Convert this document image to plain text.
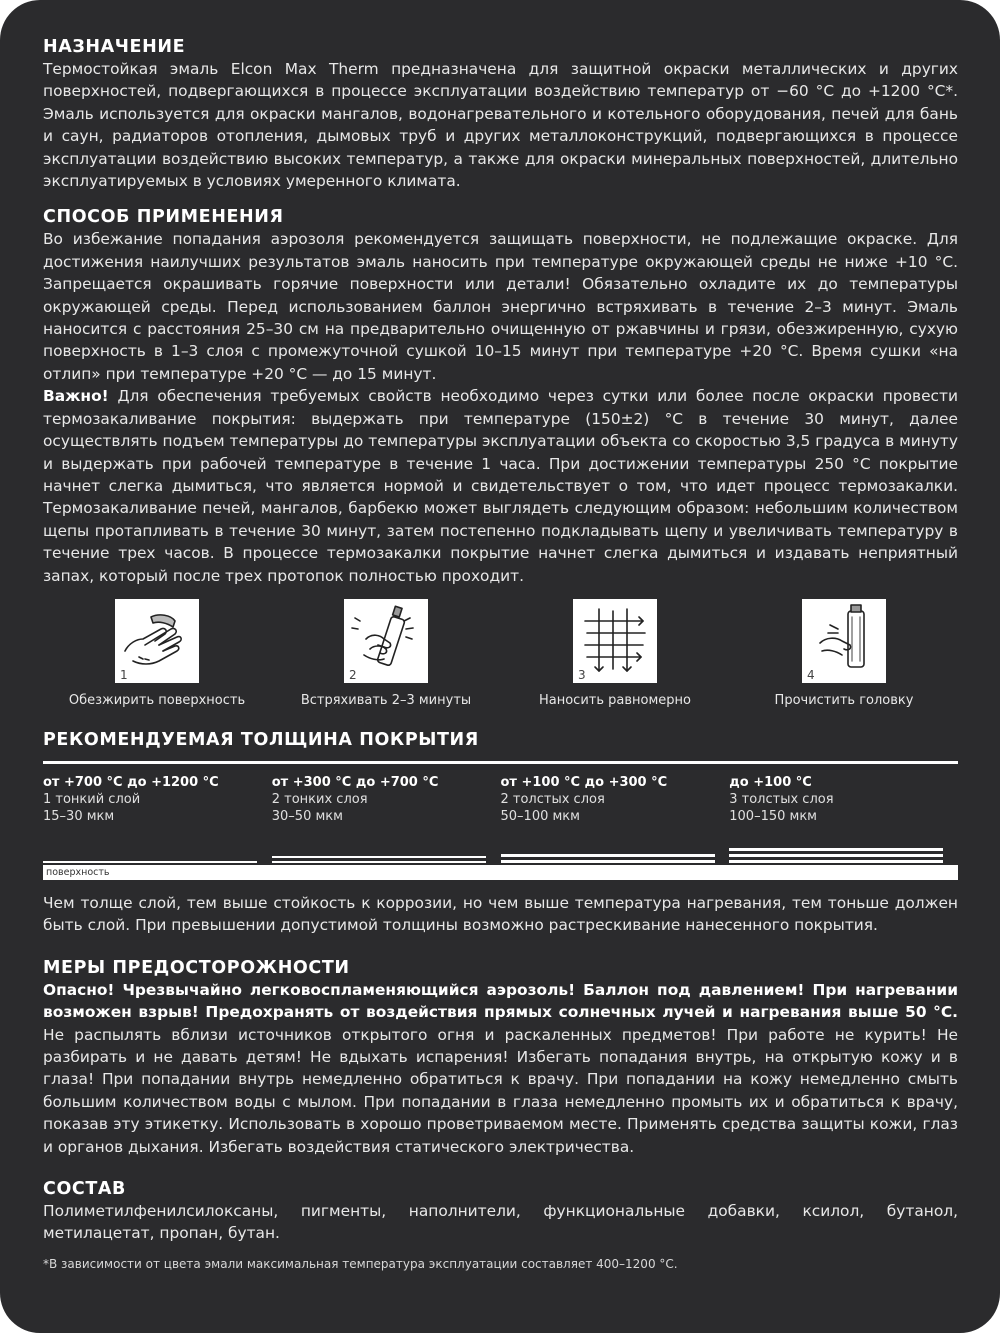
НАЗНАЧЕНИЕ

Термостойкая эмаль Elcon Max Therm предназначена для защитной окраски металлических и других поверхностей, подвергающихся в процессе эксплуатации воздействию температур от −60 °C до +1200 °C*. Эмаль используется для окраски мангалов, водонагревательного и котельного оборудования, печей для бань и саун, радиаторов отопления, дымовых труб и других металлоконструкций, подвергающихся в процессе эксплуатации воздействию высоких температур, а также для окраски минеральных поверхностей, длительно эксплуатируемых в условиях умеренного климата.

СПОСОБ ПРИМЕНЕНИЯ

Во избежание попадания аэрозоля рекомендуется защищать поверхности, не подлежащие окраске. Для достижения наилучших результатов эмаль наносить при температуре окружающей среды не ниже +10 °C. Запрещается окрашивать горячие поверхности или детали! Обязательно охладите их до температуры окружающей среды. Перед использованием баллон энергично встряхивать в течение 2–3 минут. Эмаль наносится с расстояния 25–30 см на предварительно очищенную от ржавчины и грязи, обезжиренную, сухую поверхность в 1–3 слоя с промежуточной сушкой 10–15 минут при температуре +20 °C. Время сушки «на отлип» при температуре +20 °C — до 15 минут.

Важно! Для обеспечения требуемых свойств необходимо через сутки или более после окраски провести термозакаливание покрытия: выдержать при температуре (150±2) °C в течение 30 минут, далее осуществлять подъем температуры до температуры эксплуатации объекта со скоростью 3,5 градуса в минуту и выдержать при рабочей температуре в течение 1 часа. При достижении температуры 250 °C покрытие начнет слегка дымиться, что является нормой и свидетельствует о том, что идет процесс термозакалки. Термозакаливание печей, мангалов, барбекю может выглядеть следующим образом: небольшим количеством щепы протапливать в течение 30 минут, затем постепенно подкладывать щепу и увеличивать температуру в течение трех часов. В процессе термозакалки покрытие начнет слегка дымиться и издавать неприятный запах, который после трех протопок полностью проходит.

1
Обезжирить поверхность
2
Встряхивать 2–3 минуты
3
Наносить равномерно
4
Прочистить головку
РЕКОМЕНДУЕМАЯ ТОЛЩИНА ПОКРЫТИЯ
от +700 °C до +1200 °C
1 тонкий слой
15–30 мкм
от +300 °C до +700 °C
2 тонких слоя
30–50 мкм
от +100 °C до +300 °C
2 толстых слоя
50–100 мкм
до +100 °C
3 толстых слоя
100–150 мкм
поверхность

Чем толще слой, тем выше стойкость к коррозии, но чем выше температура нагревания, тем тоньше должен быть слой. При превышении допустимой толщины возможно растрескивание нанесенного покрытия.

МЕРЫ ПРЕДОСТОРОЖНОСТИ

Опасно! Чрезвычайно легковоспламеняющийся аэрозоль! Баллон под давлением! При нагревании возможен взрыв! Предохранять от воздействия прямых солнечных лучей и нагревания выше 50 °C. Не распылять вблизи источников открытого огня и раскаленных предметов! При работе не курить! Не разбирать и не давать детям! Не вдыхать испарения! Избегать попадания внутрь, на открытую кожу и в глаза! При попадании внутрь немедленно обратиться к врачу. При попадании на кожу немедленно смыть большим количеством воды с мылом. При попадании в глаза немедленно промыть их и обратиться к врачу, показав эту этикетку. Использовать в хорошо проветриваемом месте. Применять средства защиты кожи, глаз и органов дыхания. Избегать воздействия статического электричества.

СОСТАВ

Полиметилфенилсилоксаны, пигменты, наполнители, функциональные добавки, ксилол, бутанол, метилацетат, пропан, бутан.

*В зависимости от цвета эмали максимальная температура эксплуатации составляет 400–1200 °C.
